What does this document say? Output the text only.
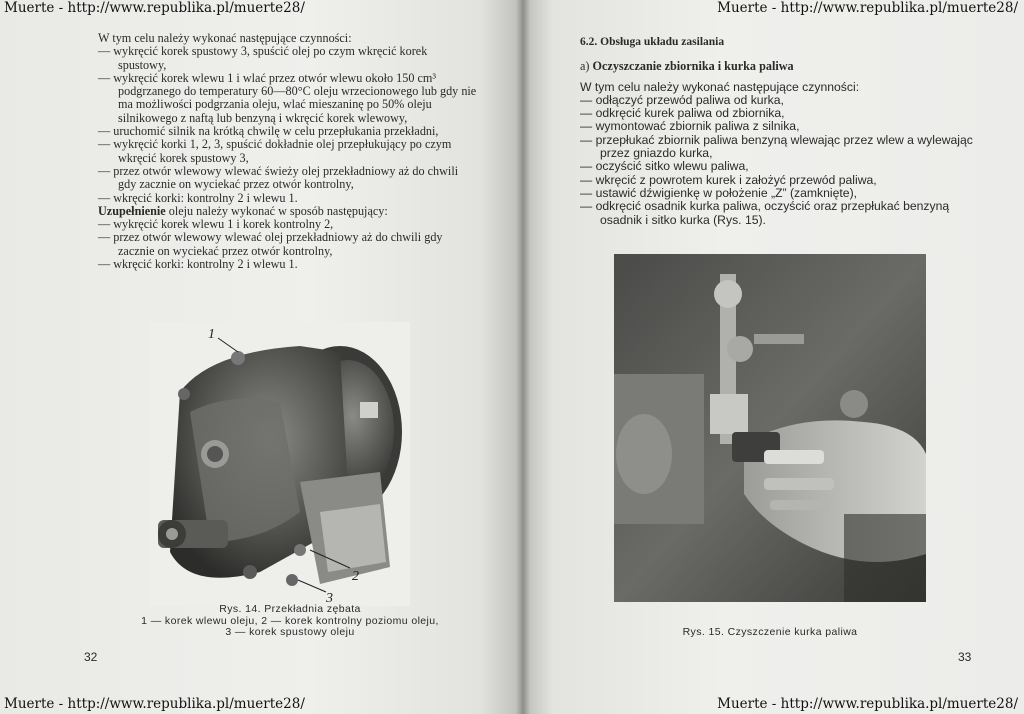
Muerte - http://www.republika.pl/muerte28/	Muerte - http://www.republika.pl/muerte28/
Muerte - http://www.republika.pl/muerte28/	Muerte - http://www.republika.pl/muerte28/

W tym celu należy wykonać następujące czynności:

— wykręcić korek spustowy 3, spuścić olej po czym wkręcić korek spustowy,

— wykręcić korek wlewu 1 i wlać przez otwór wlewu około 150 cm³ podgrzanego do temperatury 60—80°C oleju wrzecionowego lub gdy nie ma możliwości podgrzania oleju, wlać mieszaninę po 50% oleju silnikowego z naftą lub benzyną i wkręcić korek wlewowy,

— uruchomić silnik na krótką chwilę w celu przepłukania przekładni,

— wykręcić korki 1, 2, 3, spuścić dokładnie olej przepłukujący po czym wkręcić korek spustowy 3,

— przez otwór wlewowy wlewać świeży olej przekładniowy aż do chwili gdy zacznie on wyciekać przez otwór kontrolny,

— wkręcić korki: kontrolny 2 i wlewu 1.

Uzupełnienie oleju należy wykonać w sposób następujący:

— wykręcić korek wlewu 1 i korek kontrolny 2,

— przez otwór wlewowy wlewać olej przekładniowy aż do chwili gdy zacznie on wyciekać przez otwór kontrolny,

— wkręcić korki: kontrolny 2 i wlewu 1.

1
2
3
Rys. 14. Przekładnia zębata
1 — korek wlewu oleju, 2 — korek kontrolny poziomu oleju,
3 — korek spustowy oleju
32

6.2. Obsługa układu zasilania

a) Oczyszczanie zbiornika i kurka paliwa

W tym celu należy wykonać następujące czynności:

— odłączyć przewód paliwa od kurka,

— odkręcić kurek paliwa od zbiornika,

— wymontować zbiornik paliwa z silnika,

— przepłukać zbiornik paliwa benzyną wlewając przez wlew a wylewając przez gniazdo kurka,

— oczyścić sitko wlewu paliwa,

— wkręcić z powrotem kurek i założyć przewód paliwa,

— ustawić dźwigienkę w położenie „Z” (zamknięte),

— odkręcić osadnik kurka paliwa, oczyścić oraz przepłukać benzyną osadnik i sitko kurka (Rys. 15).

Rys. 15. Czyszczenie kurka paliwa
33
